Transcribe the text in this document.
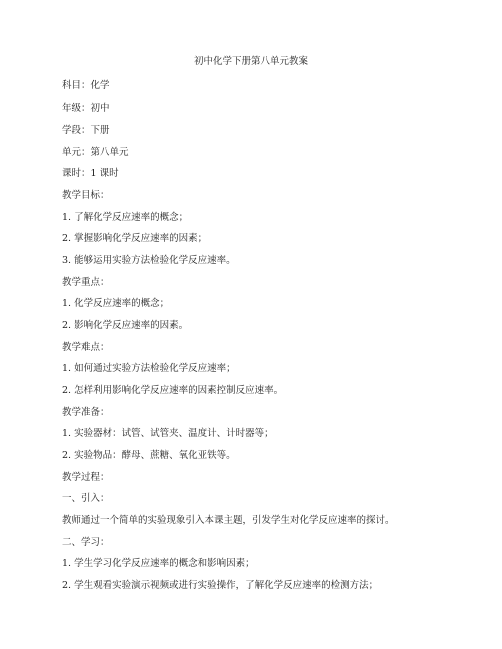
初中化学下册第八单元教案
科目：化学
年级：初中
学段：下册
单元：第八单元
课时：1 课时
教学目标：
1. 了解化学反应速率的概念；
2. 掌握影响化学反应速率的因素；
3. 能够运用实验方法检验化学反应速率。
教学重点：
1. 化学反应速率的概念；
2. 影响化学反应速率的因素。
教学难点：
1. 如何通过实验方法检验化学反应速率；
2. 怎样利用影响化学反应速率的因素控制反应速率。
教学准备：
1. 实验器材：试管、试管夹、温度计、计时器等；
2. 实验物品：酵母、蔗糖、氧化亚铁等。
教学过程：
一、引入：
教师通过一个简单的实验现象引入本课主题，引发学生对化学反应速率的探讨。
二、学习：
1. 学生学习化学反应速率的概念和影响因素；
2. 学生观看实验演示视频或进行实验操作，了解化学反应速率的检测方法；
